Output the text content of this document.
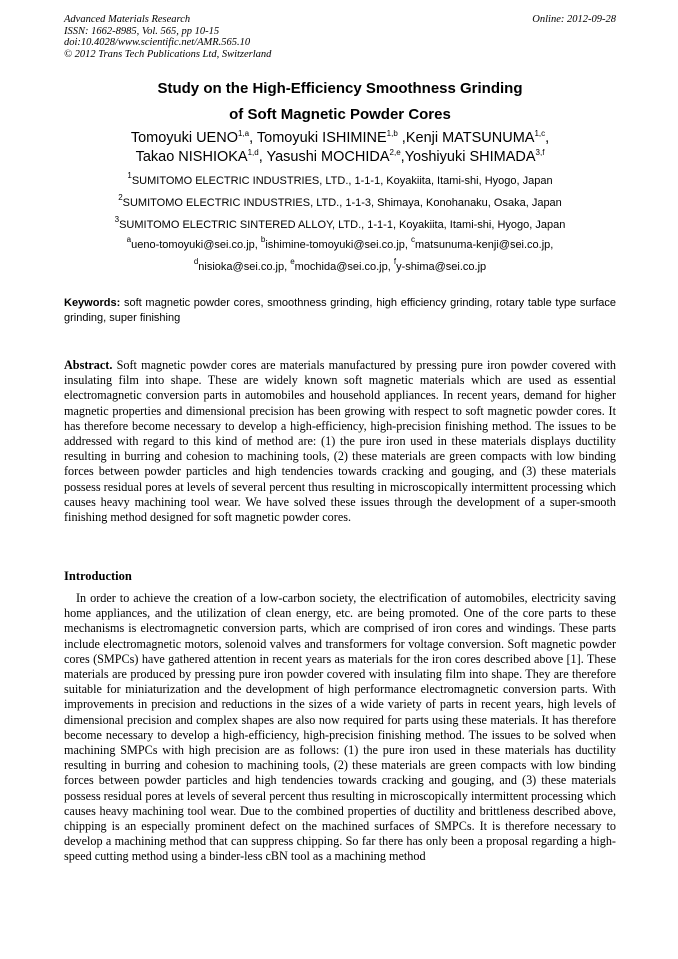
Advanced Materials Research
ISSN: 1662-8985, Vol. 565, pp 10-15
doi:10.4028/www.scientific.net/AMR.565.10
© 2012 Trans Tech Publications Ltd, Switzerland
Online: 2012-09-28
Study on the High-Efficiency Smoothness Grinding
of Soft Magnetic Powder Cores
Tomoyuki UENO$^{1,a}$, Tomoyuki ISHIMINE$^{1,b}$ ,Kenji MATSUNUMA$^{1,c}$,
Takao NISHIOKA$^{1,d}$, Yasushi MOCHIDA$^{2,e}$,Yoshiyuki SHIMADA$^{3,f}$
$^1$SUMITOMO ELECTRIC INDUSTRIES, LTD., 1-1-1, Koyakiita, Itami-shi, Hyogo, Japan
$^2$SUMITOMO ELECTRIC INDUSTRIES, LTD., 1-1-3, Shimaya, Konohanaku, Osaka, Japan
$^3$SUMITOMO ELECTRIC SINTERED ALLOY, LTD., 1-1-1, Koyakiita, Itami-shi, Hyogo, Japan
$^a$ueno-tomoyuki@sei.co.jp, $^b$ishimine-tomoyuki@sei.co.jp, $^c$matsunuma-kenji@sei.co.jp,
$^d$nisioka@sei.co.jp, $^e$mochida@sei.co.jp, $^f$y-shima@sei.co.jp
Keywords: soft magnetic powder cores, smoothness grinding, high efficiency grinding, rotary table type surface grinding, super finishing
Abstract. Soft magnetic powder cores are materials manufactured by pressing pure iron powder covered with insulating film into shape. These are widely known soft magnetic materials which are used as essential electromagnetic conversion parts in automobiles and household appliances. In recent years, demand for higher magnetic properties and dimensional precision has been growing with respect to soft magnetic powder cores. It has therefore become necessary to develop a high-efficiency, high-precision finishing method. The issues to be addressed with regard to this kind of method are: (1) the pure iron used in these materials displays ductility resulting in burring and cohesion to machining tools, (2) these materials are green compacts with low binding forces between powder particles and high tendencies towards cracking and gouging, and (3) these materials possess residual pores at levels of several percent thus resulting in microscopically intermittent processing which causes heavy machining tool wear. We have solved these issues through the development of a super-smooth finishing method designed for soft magnetic powder cores.
Introduction
In order to achieve the creation of a low-carbon society, the electrification of automobiles, electricity saving home appliances, and the utilization of clean energy, etc. are being promoted. One of the core parts to these mechanisms is electromagnetic conversion parts, which are comprised of iron cores and windings. These parts include electromagnetic motors, solenoid valves and transformers for voltage conversion. Soft magnetic powder cores (SMPCs) have gathered attention in recent years as materials for the iron cores described above [1]. These materials are produced by pressing pure iron powder covered with insulating film into shape. They are therefore suitable for miniaturization and the development of high performance electromagnetic conversion parts. With improvements in precision and reductions in the sizes of a wide variety of parts in recent years, high levels of dimensional precision and complex shapes are also now required for parts using these materials. It has therefore become necessary to develop a high-efficiency, high-precision finishing method. The issues to be solved when machining SMPCs with high precision are as follows: (1) the pure iron used in these materials has ductility resulting in burring and cohesion to machining tools, (2) these materials are green compacts with low binding forces between powder particles and high tendencies towards cracking and gouging, and (3) these materials possess residual pores at levels of several percent thus resulting in microscopically intermittent processing which causes heavy machining tool wear. Due to the combined properties of ductility and brittleness described above, chipping is an especially prominent defect on the machined surfaces of SMPCs. It is therefore necessary to develop a machining method that can suppress chipping. So far there has only been a proposal regarding a high-speed cutting method using a binder-less cBN tool as a machining method
